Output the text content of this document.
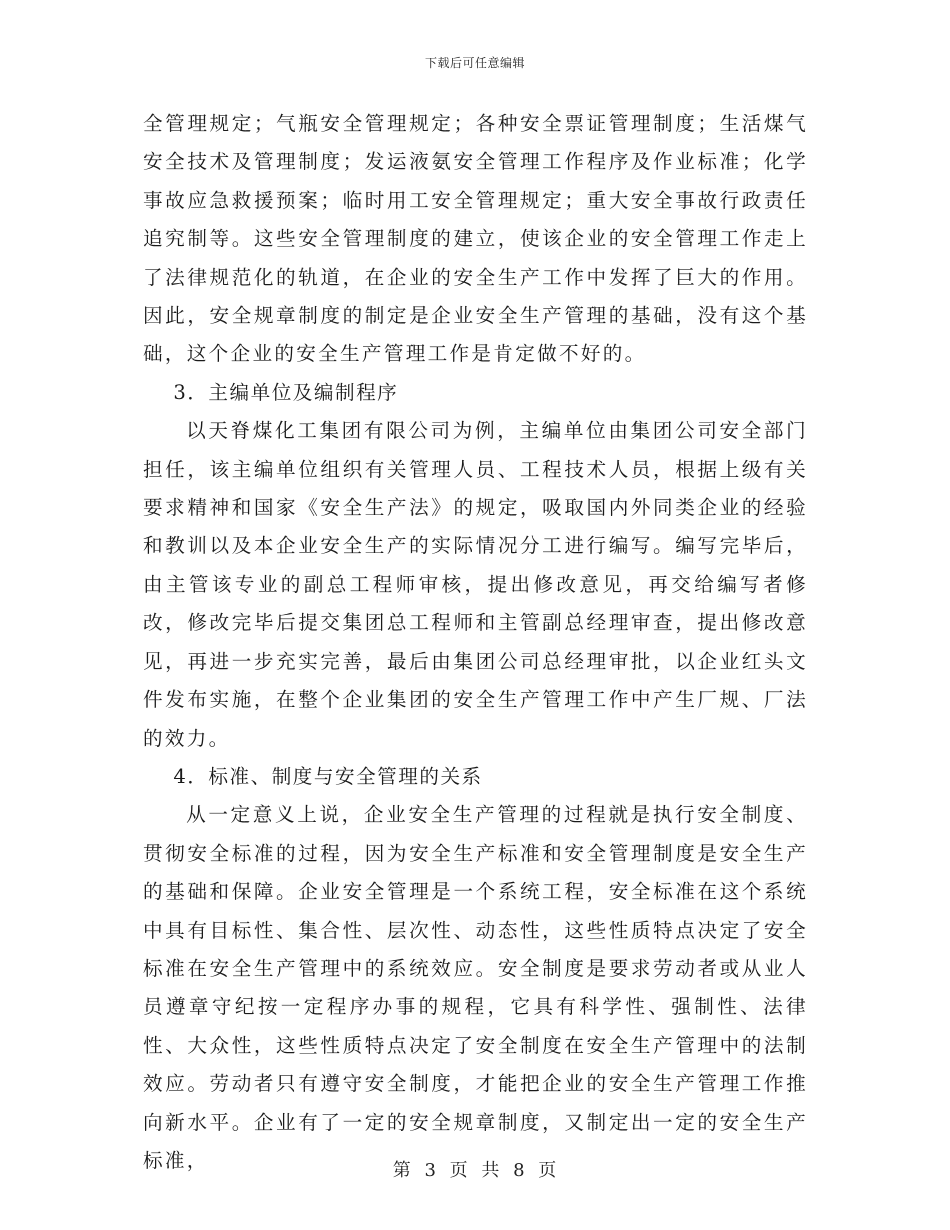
下载后可任意编辑

全管理规定；气瓶安全管理规定；各种安全票证管理制度；生活煤气安全技术及管理制度；发运液氨安全管理工作程序及作业标准；化学事故应急救援预案；临时用工安全管理规定；重大安全事故行政责任追究制等。这些安全管理制度的建立，使该企业的安全管理工作走上了法律规范化的轨道，在企业的安全生产工作中发挥了巨大的作用。因此，安全规章制度的制定是企业安全生产管理的基础，没有这个基础，这个企业的安全生产管理工作是肯定做不好的。

3．主编单位及编制程序

以天脊煤化工集团有限公司为例，主编单位由集团公司安全部门担任，该主编单位组织有关管理人员、工程技术人员，根据上级有关要求精神和国家《安全生产法》的规定，吸取国内外同类企业的经验和教训以及本企业安全生产的实际情况分工进行编写。编写完毕后，由主管该专业的副总工程师审核，提出修改意见，再交给编写者修改，修改完毕后提交集团总工程师和主管副总经理审查，提出修改意见，再进一步充实完善，最后由集团公司总经理审批，以企业红头文件发布实施，在整个企业集团的安全生产管理工作中产生厂规、厂法的效力。

4．标准、制度与安全管理的关系

从一定意义上说，企业安全生产管理的过程就是执行安全制度、贯彻安全标准的过程，因为安全生产标准和安全管理制度是安全生产的基础和保障。企业安全管理是一个系统工程，安全标准在这个系统中具有目标性、集合性、层次性、动态性，这些性质特点决定了安全标准在安全生产管理中的系统效应。安全制度是要求劳动者或从业人员遵章守纪按一定程序办事的规程，它具有科学性、强制性、法律性、大众性，这些性质特点决定了安全制度在安全生产管理中的法制效应。劳动者只有遵守安全制度，才能把企业的安全生产管理工作推向新水平。企业有了一定的安全规章制度，又制定出一定的安全生产标准，	第 3 页 共 8 页
